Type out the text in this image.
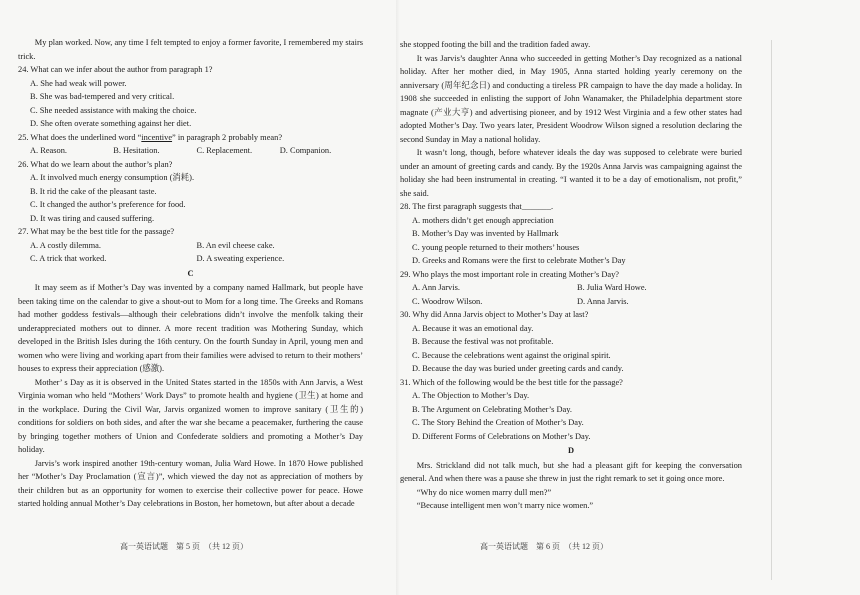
My plan worked. Now, any time I felt tempted to enjoy a former favorite, I remembered my stairs trick.
24. What can we infer about the author from paragraph 1?
A. She had weak will power.
B. She was bad-tempered and very critical.
C. She needed assistance with making the choice.
D. She often overate something against her diet.
25. What does the underlined word “incentive” in paragraph 2 probably mean?
A. Reason.	B. Hesitation.	C. Replacement.	D. Companion.
26. What do we learn about the author’s plan?
A. It involved much energy consumption (消耗).
B. It rid the cake of the pleasant taste.
C. It changed the author’s preference for food.
D. It was tiring and caused suffering.
27. What may be the best title for the passage?
A. A costly dilemma.	B. An evil cheese cake.
C. A trick that worked.	D. A sweating experience.
C
It may seem as if Mother’s Day was invented by a company named Hallmark, but people have been taking time on the calendar to give a shout-out to Mom for a long time. The Greeks and Romans had mother goddess festivals—although their celebrations didn’t involve the menfolk taking their underappreciated mothers out to dinner. A more recent tradition was Mothering Sunday, which developed in the British Isles during the 16th century. On the fourth Sunday in April, young men and women who were living and working apart from their families were advised to return to their mothers’ houses to express their appreciation (感激).
Mother’ s Day as it is observed in the United States started in the 1850s with Ann Jarvis, a West Virginia woman who held “Mothers’ Work Days” to promote health and hygiene (卫生) at home and in the workplace. During the Civil War, Jarvis organized women to improve sanitary (卫生的) conditions for soldiers on both sides, and after the war she became a peacemaker, furthering the cause by bringing together mothers of Union and Confederate soldiers and promoting a Mother’s Day holiday.
Jarvis’s work inspired another 19th-century woman, Julia Ward Howe. In 1870 Howe published her “Mother’s Day Proclamation (宣言)”, which viewed the day not as appreciation of mothers by their children but as an opportunity for women to exercise their collective power for peace. Howe started holding annual Mother’s Day celebrations in Boston, her hometown, but after about a decade
高一英语试题　第 5 页　（共 12 页）
she stopped footing the bill and the tradition faded away.
It was Jarvis’s daughter Anna who succeeded in getting Mother’s Day recognized as a national holiday. After her mother died, in May 1905, Anna started holding yearly ceremony on the anniversary (周年纪念日) and conducting a tireless PR campaign to have the day made a holiday. In 1908 she succeeded in enlisting the support of John Wanamaker, the Philadelphia department store magnate (产业大亨) and advertising pioneer, and by 1912 West Virginia and a few other states had adopted Mother’s Day. Two years later, President Woodrow Wilson signed a resolution declaring the second Sunday in May a national holiday.
It wasn’t long, though, before whatever ideals the day was supposed to celebrate were buried under an amount of greeting cards and candy. By the 1920s Anna Jarvis was campaigning against the holiday she had been instrumental in creating. “I wanted it to be a day of emotionalism, not profit,” she said.
28. The first paragraph suggests that_______.
A. mothers didn’t get enough appreciation
B. Mother’s Day was invented by Hallmark
C. young people returned to their mothers’ houses
D. Greeks and Romans were the first to celebrate Mother’s Day
29. Who plays the most important role in creating Mother’s Day?
A. Ann Jarvis.	B. Julia Ward Howe.
C. Woodrow Wilson.	D. Anna Jarvis.
30. Why did Anna Jarvis object to Mother’s Day at last?
A. Because it was an emotional day.
B. Because the festival was not profitable.
C. Because the celebrations went against the original spirit.
D. Because the day was buried under greeting cards and candy.
31. Which of the following would be the best title for the passage?
A. The Objection to Mother’s Day.
B. The Argument on Celebrating Mother’s Day.
C. The Story Behind the Creation of Mother’s Day.
D. Different Forms of Celebrations on Mother’s Day.
D
Mrs. Strickland did not talk much, but she had a pleasant gift for keeping the conversation general. And when there was a pause she threw in just the right remark to set it going once more.
“Why do nice women marry dull men?”
“Because intelligent men won’t marry nice women.”
高一英语试题　第 6 页　（共 12 页）
